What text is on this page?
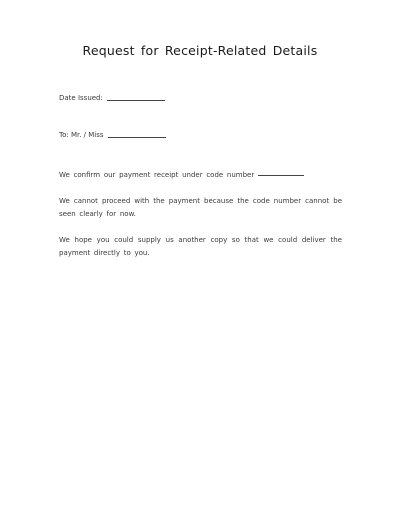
Request for Receipt-Related Details
Date Issued:
To: Mr. / Miss
We confirm our payment receipt under code number
We cannot proceed with the payment because the code number cannot be seen clearly for now.
We hope you could supply us another copy so that we could deliver the payment directly to you.
